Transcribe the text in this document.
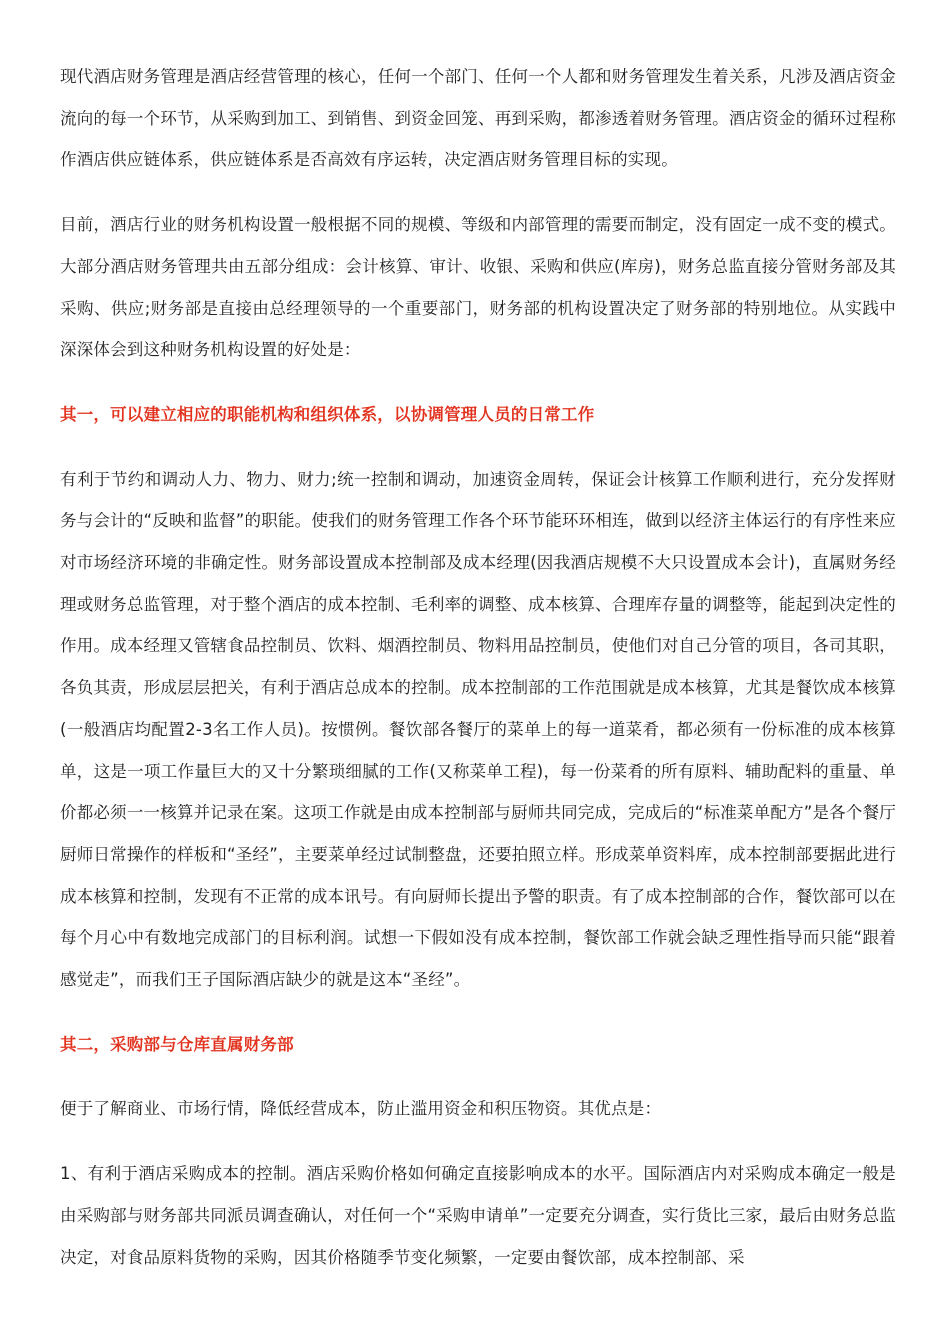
现代酒店财务管理是酒店经营管理的核心，任何一个部门、任何一个人都和财务管理发生着关系，凡涉及酒店资金流向的每一个环节，从采购到加工、到销售、到资金回笼、再到采购，都渗透着财务管理。酒店资金的循环过程称作酒店供应链体系，供应链体系是否高效有序运转，决定酒店财务管理目标的实现。

目前，酒店行业的财务机构设置一般根据不同的规模、等级和内部管理的需要而制定，没有固定一成不变的模式。大部分酒店财务管理共由五部分组成：会计核算、审计、收银、采购和供应(库房)，财务总监直接分管财务部及其采购、供应;财务部是直接由总经理领导的一个重要部门，财务部的机构设置决定了财务部的特别地位。从实践中深深体会到这种财务机构设置的好处是：

其一，可以建立相应的职能机构和组织体系，以协调管理人员的日常工作

有利于节约和调动人力、物力、财力;统一控制和调动，加速资金周转，保证会计核算工作顺利进行，充分发挥财务与会计的“反映和监督”的职能。使我们的财务管理工作各个环节能环环相连，做到以经济主体运行的有序性来应对市场经济环境的非确定性。财务部设置成本控制部及成本经理(因我酒店规模不大只设置成本会计)，直属财务经理或财务总监管理，对于整个酒店的成本控制、毛利率的调整、成本核算、合理库存量的调整等，能起到决定性的作用。成本经理又管辖食品控制员、饮料、烟酒控制员、物料用品控制员，使他们对自己分管的项目，各司其职，各负其责，形成层层把关，有利于酒店总成本的控制。成本控制部的工作范围就是成本核算，尤其是餐饮成本核算(一般酒店均配置2-3名工作人员)。按惯例。餐饮部各餐厅的菜单上的每一道菜肴，都必须有一份标准的成本核算单，这是一项工作量巨大的又十分繁琐细腻的工作(又称菜单工程)，每一份菜肴的所有原料、辅助配料的重量、单价都必须一一核算并记录在案。这项工作就是由成本控制部与厨师共同完成，完成后的“标准菜单配方”是各个餐厅厨师日常操作的样板和“圣经”，主要菜单经过试制整盘，还要拍照立样。形成菜单资料库，成本控制部要据此进行成本核算和控制，发现有不正常的成本讯号。有向厨师长提出予警的职责。有了成本控制部的合作，餐饮部可以在每个月心中有数地完成部门的目标利润。试想一下假如没有成本控制，餐饮部工作就会缺乏理性指导而只能“跟着感觉走”，而我们王子国际酒店缺少的就是这本“圣经”。

其二，采购部与仓库直属财务部

便于了解商业、市场行情，降低经营成本，防止滥用资金和积压物资。其优点是：

1、有利于酒店采购成本的控制。酒店采购价格如何确定直接影响成本的水平。国际酒店内对采购成本确定一般是由采购部与财务部共同派员调查确认，对任何一个“采购申请单”一定要充分调查，实行货比三家，最后由财务总监决定，对食品原料货物的采购，因其价格随季节变化频繁，一定要由餐饮部，成本控制部、采
